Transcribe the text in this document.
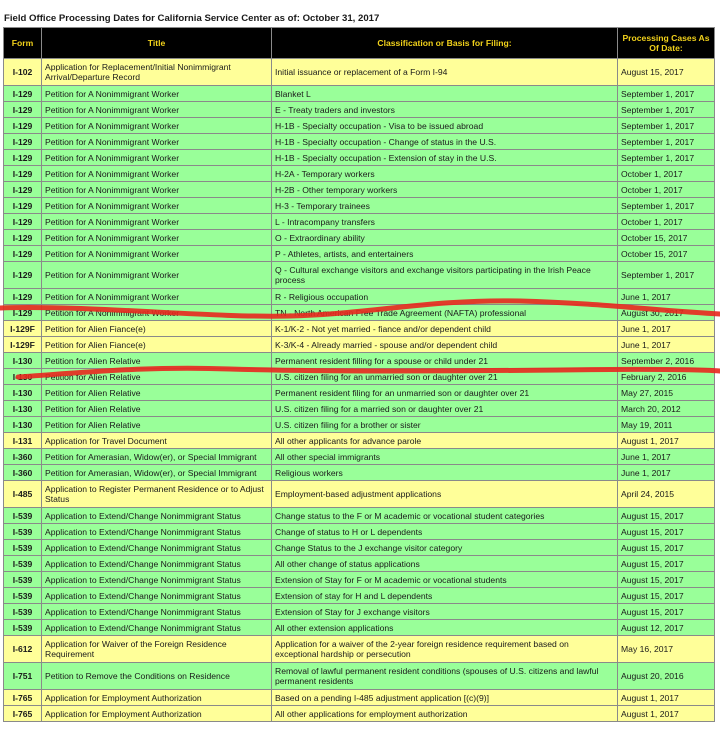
Field Office Processing Dates for California Service Center as of: October 31, 2017
Form	Title	Classification or Basis for Filing:	Processing Cases As
Of Date:
I-102	Application for Replacement/Initial Nonimmigrant Arrival/Departure Record	Initial issuance or replacement of a Form I-94	August 15, 2017
I-129	Petition for A Nonimmigrant Worker	Blanket L	September 1, 2017
I-129	Petition for A Nonimmigrant Worker	E - Treaty traders and investors	September 1, 2017
I-129	Petition for A Nonimmigrant Worker	H-1B - Specialty occupation - Visa to be issued abroad	September 1, 2017
I-129	Petition for A Nonimmigrant Worker	H-1B - Specialty occupation - Change of status in the U.S.	September 1, 2017
I-129	Petition for A Nonimmigrant Worker	H-1B - Specialty occupation - Extension of stay in the U.S.	September 1, 2017
I-129	Petition for A Nonimmigrant Worker	H-2A - Temporary workers	October 1, 2017
I-129	Petition for A Nonimmigrant Worker	H-2B - Other temporary workers	October 1, 2017
I-129	Petition for A Nonimmigrant Worker	H-3 - Temporary trainees	September 1, 2017
I-129	Petition for A Nonimmigrant Worker	L - Intracompany transfers	October 1, 2017
I-129	Petition for A Nonimmigrant Worker	O - Extraordinary ability	October 15, 2017
I-129	Petition for A Nonimmigrant Worker	P - Athletes, artists, and entertainers	October 15, 2017
I-129	Petition for A Nonimmigrant Worker	Q - Cultural exchange visitors and exchange visitors participating in the Irish Peace process	September 1, 2017
I-129	Petition for A Nonimmigrant Worker	R - Religious occupation	June 1, 2017
I-129	Petition for A Nonimmigrant Worker	TN - North American Free Trade Agreement (NAFTA) professional	August 30, 2017
I-129F	Petition for Alien Fiance(e)	K-1/K-2 - Not yet married - fiance and/or dependent child	June 1, 2017
I-129F	Petition for Alien Fiance(e)	K-3/K-4 - Already married - spouse and/or dependent child	June 1, 2017
I-130	Petition for Alien Relative	Permanent resident filling for a spouse or child under 21	September 2, 2016
I-130	Petition for Alien Relative	U.S. citizen filing for an unmarried son or daughter over 21	February 2, 2016
I-130	Petition for Alien Relative	Permanent resident filing for an unmarried son or daughter over 21	May 27, 2015
I-130	Petition for Alien Relative	U.S. citizen filing for a married son or daughter over 21	March 20, 2012
I-130	Petition for Alien Relative	U.S. citizen filing for a brother or sister	May 19, 2011
I-131	Application for Travel Document	All other applicants for advance parole	August 1, 2017
I-360	Petition for Amerasian, Widow(er), or Special Immigrant	All other special immigrants	June 1, 2017
I-360	Petition for Amerasian, Widow(er), or Special Immigrant	Religious workers	June 1, 2017
I-485	Application to Register Permanent Residence or to Adjust Status	Employment-based adjustment applications	April 24, 2015
I-539	Application to Extend/Change Nonimmigrant Status	Change status to the F or M academic or vocational student categories	August 15, 2017
I-539	Application to Extend/Change Nonimmigrant Status	Change of status to H or L dependents	August 15, 2017
I-539	Application to Extend/Change Nonimmigrant Status	Change Status to the J exchange visitor category	August 15, 2017
I-539	Application to Extend/Change Nonimmigrant Status	All other change of status applications	August 15, 2017
I-539	Application to Extend/Change Nonimmigrant Status	Extension of Stay for F or M academic or vocational students	August 15, 2017
I-539	Application to Extend/Change Nonimmigrant Status	Extension of stay for H and L dependents	August 15, 2017
I-539	Application to Extend/Change Nonimmigrant Status	Extension of Stay for J exchange visitors	August 15, 2017
I-539	Application to Extend/Change Nonimmigrant Status	All other extension applications	August 12, 2017
I-612	Application for Waiver of the Foreign Residence Requirement	Application for a waiver of the 2-year foreign residence requirement based on exceptional hardship or persecution	May 16, 2017
I-751	Petition to Remove the Conditions on Residence	Removal of lawful permanent resident conditions (spouses of U.S. citizens and lawful permanent residents	August 20, 2016
I-765	Application for Employment Authorization	Based on a pending I-485 adjustment application [(c)(9)]	August 1, 2017
I-765	Application for Employment Authorization	All other applications for employment authorization	August 1, 2017
